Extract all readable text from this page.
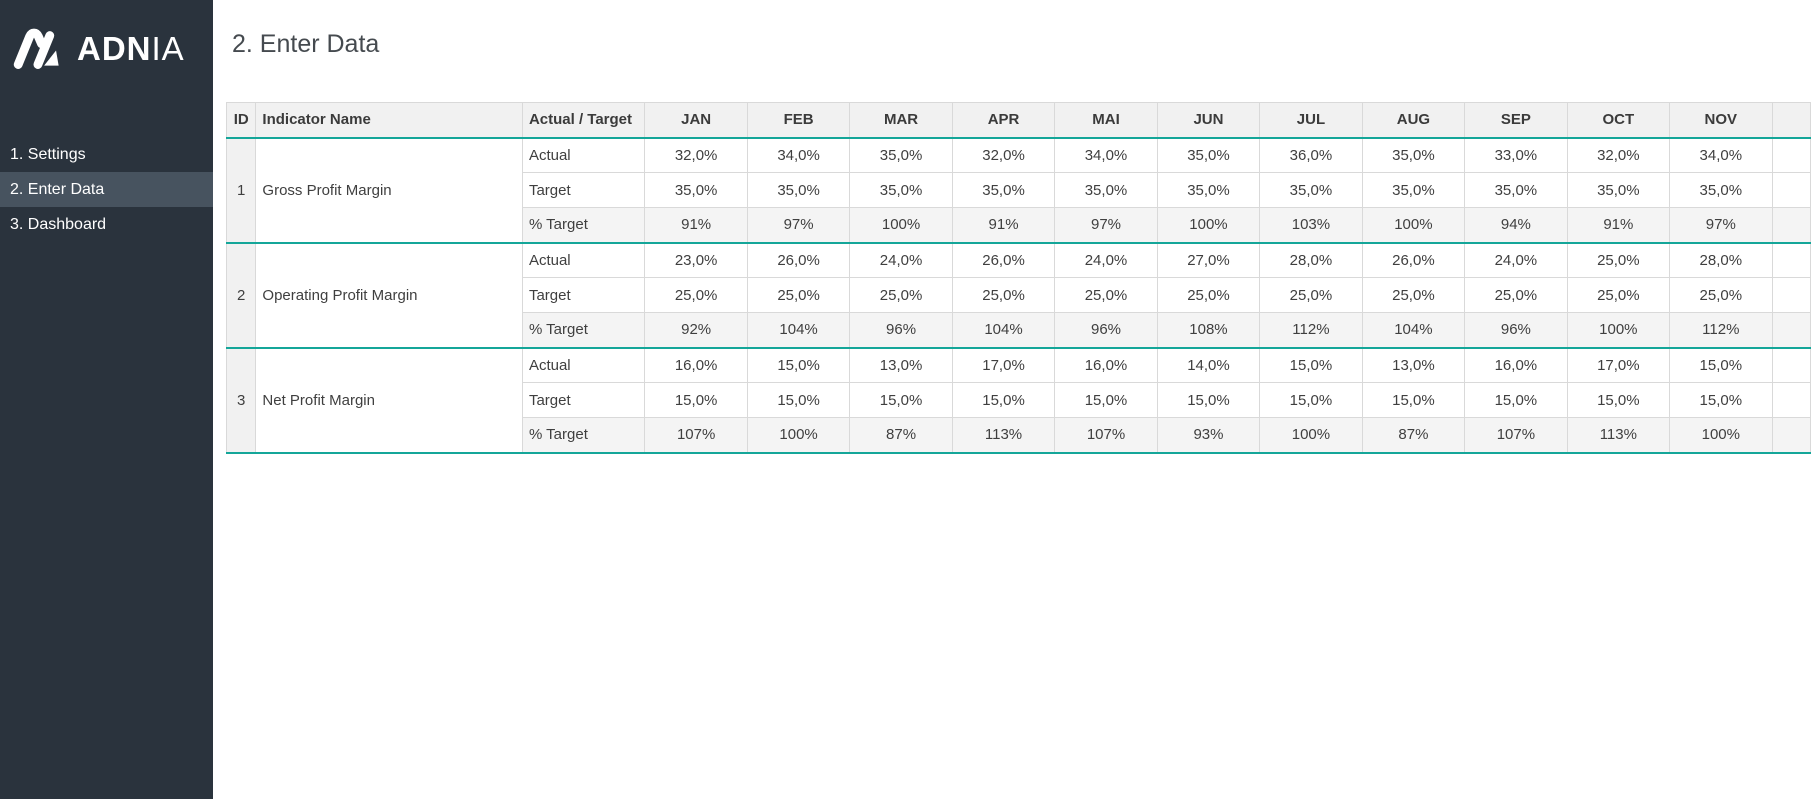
ADNIA
1. Settings
2. Enter Data
3. Dashboard
2. Enter Data
ID	Indicator Name	Actual / Target	JAN	FEB	MAR	APR	MAI	JUN	JUL	AUG	SEP	OCT	NOV	
1	Gross Profit Margin	Actual	32,0%	34,0%	35,0%	32,0%	34,0%	35,0%	36,0%	35,0%	33,0%	32,0%	34,0%	
		Target	35,0%	35,0%	35,0%	35,0%	35,0%	35,0%	35,0%	35,0%	35,0%	35,0%	35,0%	
		% Target	91%	97%	100%	91%	97%	100%	103%	100%	94%	91%	97%	
2	Operating Profit Margin	Actual	23,0%	26,0%	24,0%	26,0%	24,0%	27,0%	28,0%	26,0%	24,0%	25,0%	28,0%	
		Target	25,0%	25,0%	25,0%	25,0%	25,0%	25,0%	25,0%	25,0%	25,0%	25,0%	25,0%	
		% Target	92%	104%	96%	104%	96%	108%	112%	104%	96%	100%	112%	
3	Net Profit Margin	Actual	16,0%	15,0%	13,0%	17,0%	16,0%	14,0%	15,0%	13,0%	16,0%	17,0%	15,0%	
		Target	15,0%	15,0%	15,0%	15,0%	15,0%	15,0%	15,0%	15,0%	15,0%	15,0%	15,0%	
		% Target	107%	100%	87%	113%	107%	93%	100%	87%	107%	113%	100%	
